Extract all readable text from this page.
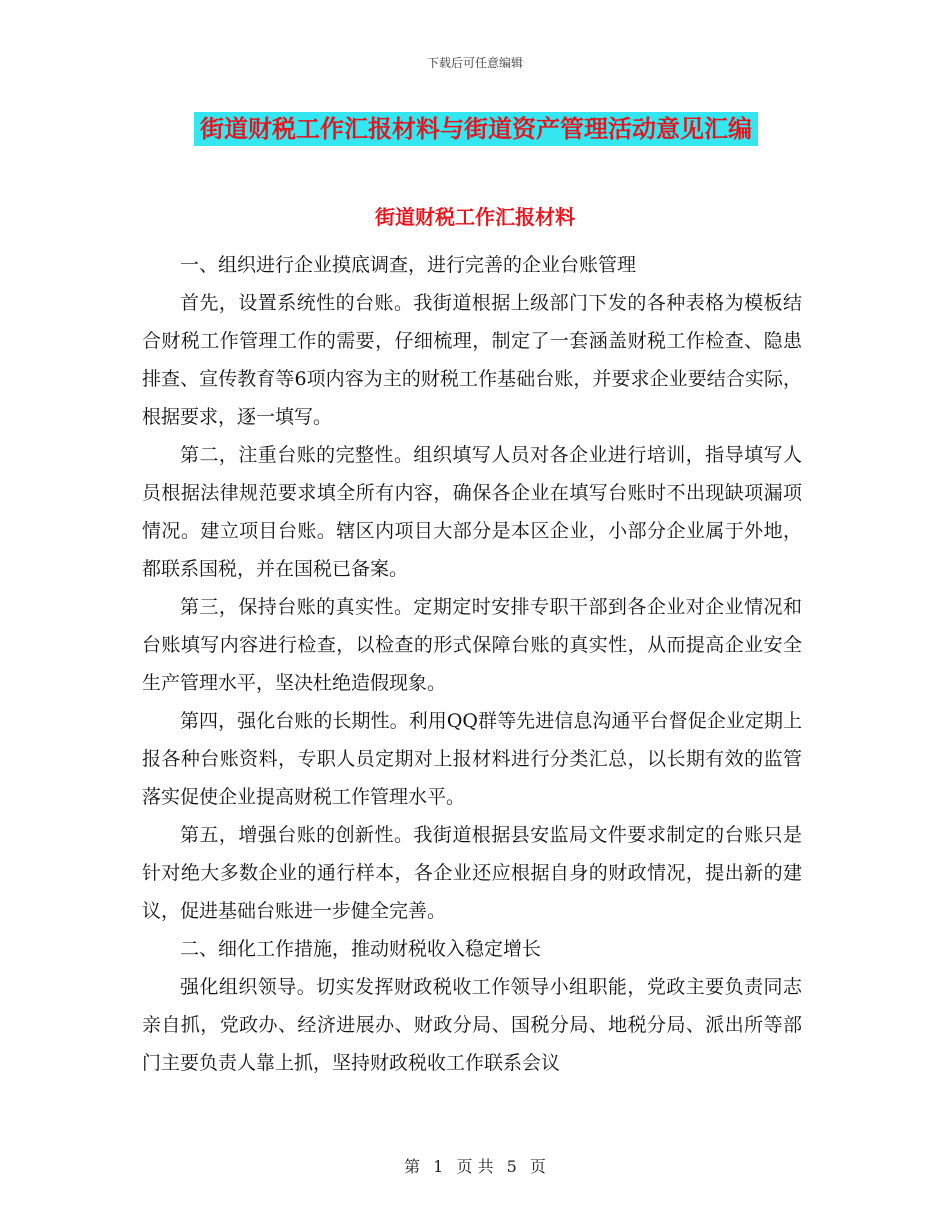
下载后可任意编辑
街道财税工作汇报材料与街道资产管理活动意见汇编
街道财税工作汇报材料

一、组织进行企业摸底调查，进行完善的企业台账管理

首先，设置系统性的台账。我街道根据上级部门下发的各种表格为模板结合财税工作管理工作的需要，仔细梳理，制定了一套涵盖财税工作检查、隐患排查、宣传教育等6项内容为主的财税工作基础台账，并要求企业要结合实际，根据要求，逐一填写。

第二，注重台账的完整性。组织填写人员对各企业进行培训，指导填写人员根据法律规范要求填全所有内容，确保各企业在填写台账时不出现缺项漏项情况。建立项目台账。辖区内项目大部分是本区企业，小部分企业属于外地，都联系国税，并在国税已备案。

第三，保持台账的真实性。定期定时安排专职干部到各企业对企业情况和台账填写内容进行检查，以检查的形式保障台账的真实性，从而提高企业安全生产管理水平，坚决杜绝造假现象。

第四，强化台账的长期性。利用QQ群等先进信息沟通平台督促企业定期上报各种台账资料，专职人员定期对上报材料进行分类汇总，以长期有效的监管落实促使企业提高财税工作管理水平。

第五，增强台账的创新性。我街道根据县安监局文件要求制定的台账只是针对绝大多数企业的通行样本，各企业还应根据自身的财政情况，提出新的建议，促进基础台账进一步健全完善。

二、细化工作措施，推动财税收入稳定增长

强化组织领导。切实发挥财政税收工作领导小组职能，党政主要负责同志亲自抓，党政办、经济进展办、财政分局、国税分局、地税分局、派出所等部门主要负责人靠上抓，坚持财政税收工作联系会议

第 1 页 共 5 页
